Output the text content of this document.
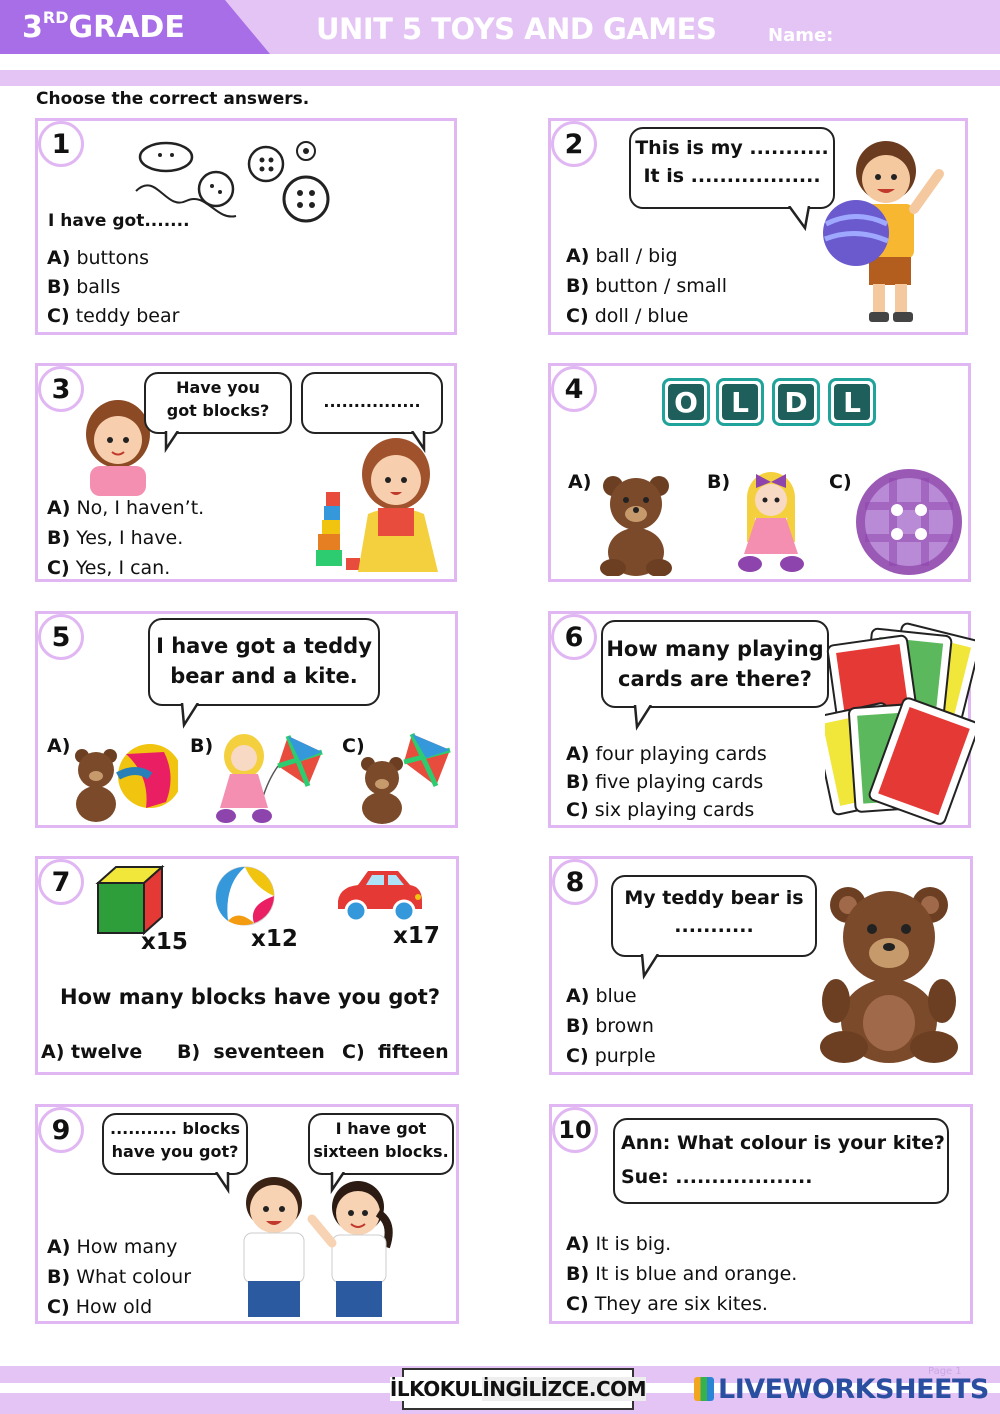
3RDGRADE	UNIT 5 TOYS AND GAMES	Name: ...............................
Choose the correct answers.
1
I have got.......
A) buttons
B) balls
C) teddy bear
2	This is my ...........
It is ..................
A) ball / big
B) button / small
C) doll / blue
3	Have you
got blocks?	................
A) No, I haven’t.
B) Yes, I have.
C) Yes, I can.
4	O	L	D	L
A)	B)	C)
5	I have got a teddy
bear and a kite.
A)	B)	C)
6	How many playing
cards are there?
A) four playing cards
B) five playing cards
C) six playing cards
7
x15	x12	x17
How many blocks have you got?
A) twelve B) seventeen C) fifteen
8
My teddy bear is
...........
A) blue
B) brown
C) purple
9	........... blocks
have you got?
I have got
sixteen blocks.
A) How many
B) What colour
C) How old
10	Ann: What colour is your kite?
Sue: ...................
A) It is big.
B) It is blue and orange.
C) They are six kites.
İLKOKUL İNGİLİZCE.COM
Page 1
LIVEWORKSHEETS
